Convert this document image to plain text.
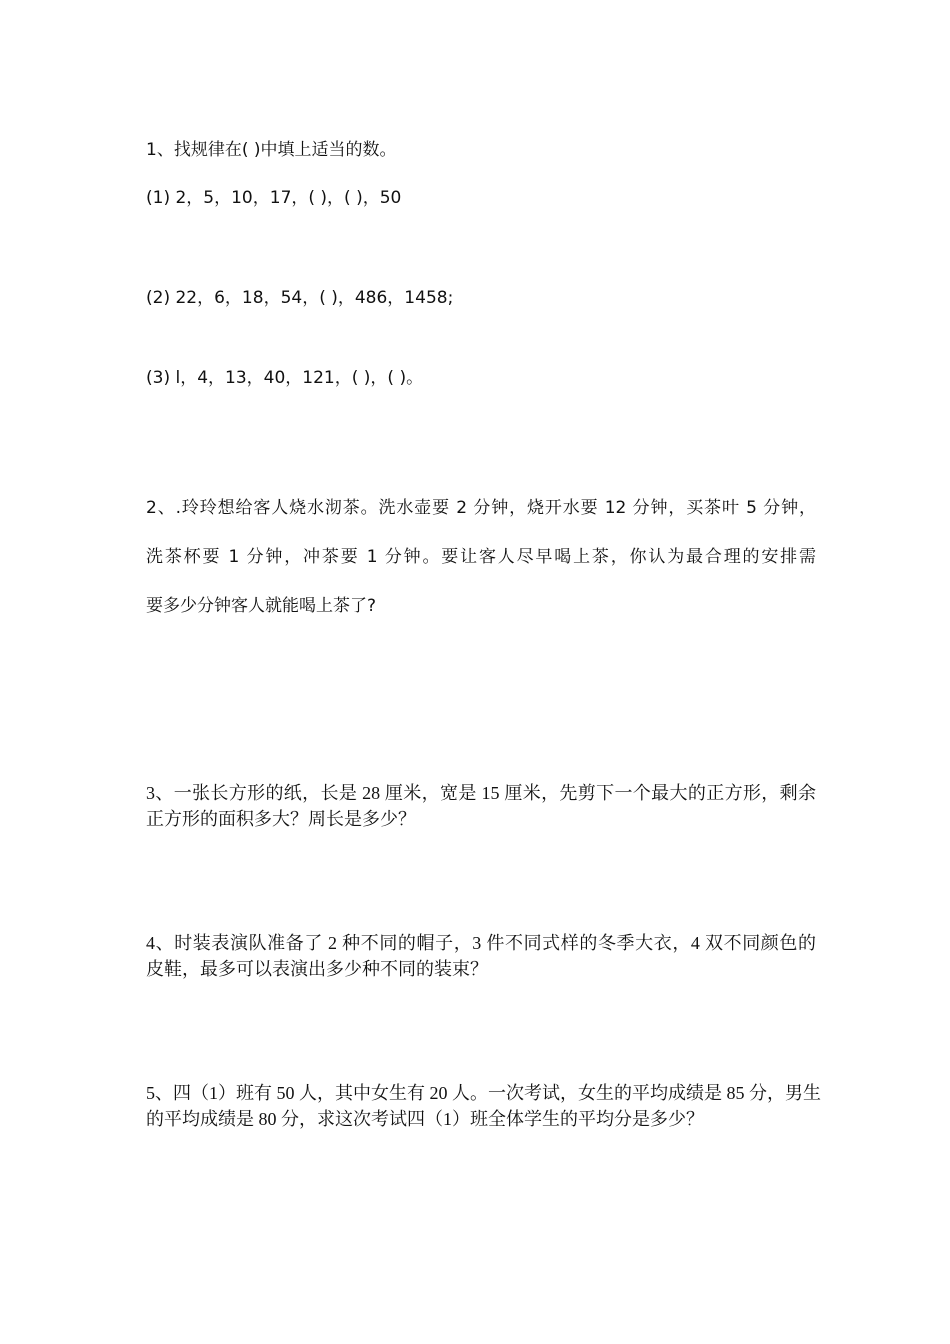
1、找规律在( )中填上适当的数。
(1) 2，5，10，17，( )，( )，50
(2) 22，6，18，54，( )，486，1458;
(3) l，4，13，40，121，( )，( )。
2、.玲玲想给客人烧水沏茶。洗水壶要 2 分钟，烧开水要 12 分钟，买茶叶 5 分钟，
洗茶杯要 1 分钟，冲茶要 1 分钟。要让客人尽早喝上茶，你认为最合理的安排需
要多少分钟客人就能喝上茶了?
3、一张长方形的纸，长是 28 厘米，宽是 15 厘米，先剪下一个最大的正方形，剩余
正方形的面积多大？周长是多少？
4、时装表演队准备了 2 种不同的帽子，3 件不同式样的冬季大衣，4 双不同颜色的
皮鞋，最多可以表演出多少种不同的装束？
5、四（1）班有 50 人，其中女生有 20 人。一次考试，女生的平均成绩是 85 分，男生
的平均成绩是 80 分，求这次考试四（1）班全体学生的平均分是多少？
